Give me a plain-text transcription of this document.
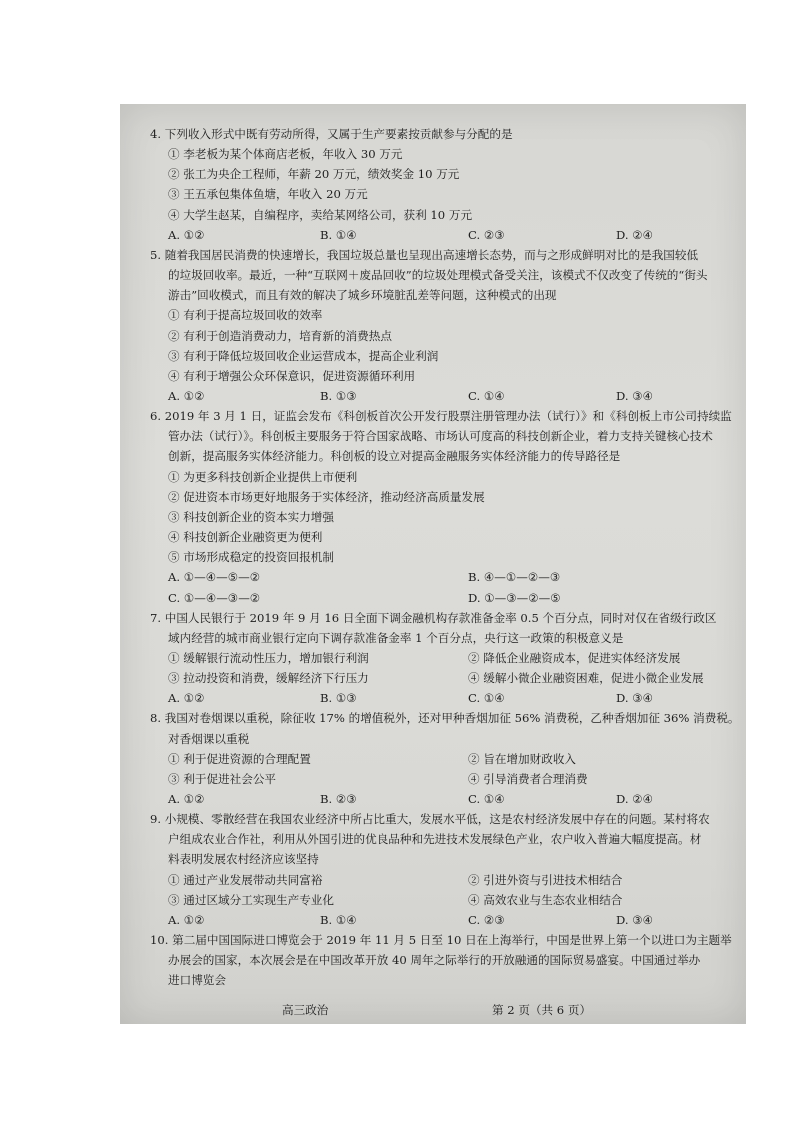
4. 下列收入形式中既有劳动所得，又属于生产要素按贡献参与分配的是
① 李老板为某个体商店老板，年收入 30 万元
② 张工为央企工程师，年薪 20 万元，绩效奖金 10 万元
③ 王五承包集体鱼塘，年收入 20 万元
④ 大学生赵某，自编程序，卖给某网络公司，获利 10 万元
A. ①②	B. ①④	C. ②③	D. ②④
5. 随着我国居民消费的快速增长，我国垃圾总量也呈现出高速增长态势，而与之形成鲜明对比的是我国较低
的垃圾回收率。最近，一种“互联网＋废品回收”的垃圾处理模式备受关注，该模式不仅改变了传统的“街头
游击”回收模式，而且有效的解决了城乡环境脏乱差等问题，这种模式的出现
① 有利于提高垃圾回收的效率
② 有利于创造消费动力，培育新的消费热点
③ 有利于降低垃圾回收企业运营成本，提高企业利润
④ 有利于增强公众环保意识，促进资源循环利用
A. ①②	B. ①③	C. ①④	D. ③④
6. 2019 年 3 月 1 日，证监会发布《科创板首次公开发行股票注册管理办法（试行）》和《科创板上市公司持续监
管办法（试行）》。科创板主要服务于符合国家战略、市场认可度高的科技创新企业，着力支持关键核心技术
创新，提高服务实体经济能力。科创板的设立对提高金融服务实体经济能力的传导路径是
① 为更多科技创新企业提供上市便利
② 促进资本市场更好地服务于实体经济，推动经济高质量发展
③ 科技创新企业的资本实力增强
④ 科技创新企业融资更为便利
⑤ 市场形成稳定的投资回报机制
A. ①—④—⑤—②	B. ④—①—②—③
C. ①—④—③—②	D. ①—③—②—⑤
7. 中国人民银行于 2019 年 9 月 16 日全面下调金融机构存款准备金率 0.5 个百分点，同时对仅在省级行政区
域内经营的城市商业银行定向下调存款准备金率 1 个百分点，央行这一政策的积极意义是
① 缓解银行流动性压力，增加银行利润	② 降低企业融资成本，促进实体经济发展
③ 拉动投资和消费，缓解经济下行压力	④ 缓解小微企业融资困难，促进小微企业发展
A. ①②	B. ①③	C. ①④	D. ③④
8. 我国对卷烟课以重税，除征收 17% 的增值税外，还对甲种香烟加征 56% 消费税，乙种香烟加征 36% 消费税。
对香烟课以重税
① 利于促进资源的合理配置	② 旨在增加财政收入
③ 利于促进社会公平	④ 引导消费者合理消费
A. ①②	B. ②③	C. ①④	D. ②④
9. 小规模、零散经营在我国农业经济中所占比重大，发展水平低，这是农村经济发展中存在的问题。某村将农
户组成农业合作社，利用从外国引进的优良品种和先进技术发展绿色产业，农户收入普遍大幅度提高。材
料表明发展农村经济应该坚持
① 通过产业发展带动共同富裕	② 引进外资与引进技术相结合
③ 通过区域分工实现生产专业化	④ 高效农业与生态农业相结合
A. ①②	B. ①④	C. ②③	D. ③④
10. 第二届中国国际进口博览会于 2019 年 11 月 5 日至 10 日在上海举行，中国是世界上第一个以进口为主题举
办展会的国家，本次展会是在中国改革开放 40 周年之际举行的开放融通的国际贸易盛宴。中国通过举办
进口博览会
高三政治	第 2 页（共 6 页）
